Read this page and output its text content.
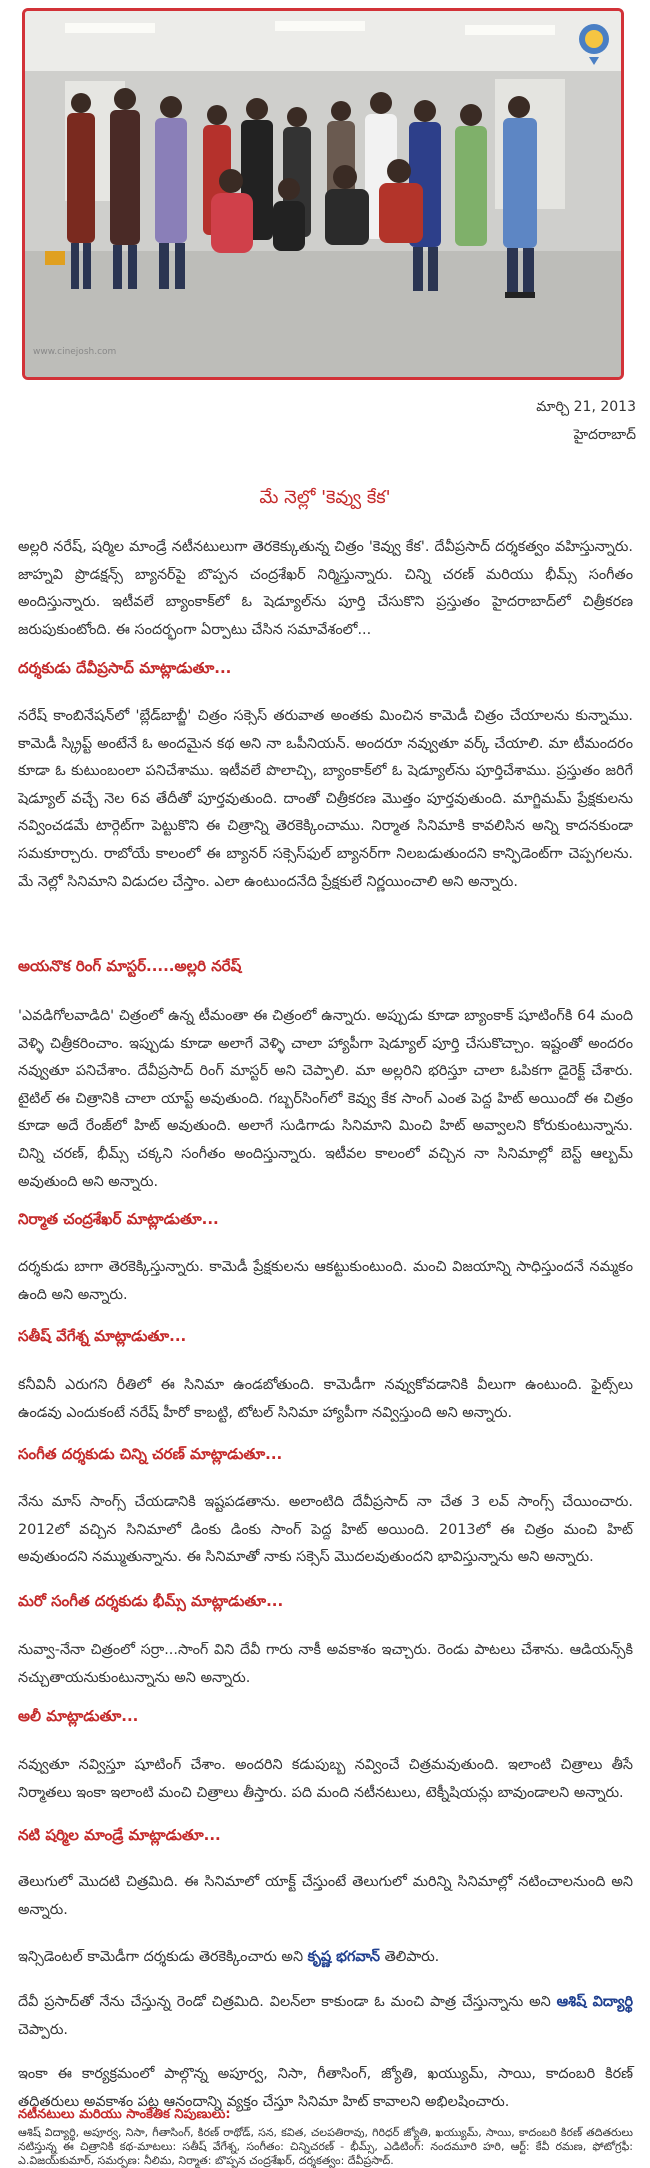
www.cinejosh.com
మార్చి 21, 2013
హైదరాబాద్
మే నెల్లో 'కెవ్వు కేక'

అల్లరి నరేష్, షర్మిల మాండ్రే నటీనటులుగా తెరకెక్కుతున్న చిత్రం 'కెవ్వు కేక'. దేవీప్రసాద్ దర్శకత్వం వహిస్తున్నారు. జాహ్నవి ప్రొడక్షన్స్ బ్యానర్‌పై బొప్పన చంద్రశేఖర్ నిర్మిస్తున్నారు. చిన్ని చరణ్ మరియు భీమ్స్ సంగీతం అందిస్తున్నారు. ఇటీవలే బ్యాంకాక్‌లో ఓ షెడ్యూల్‌ను పూర్తి చేసుకొని ప్రస్తుతం హైదరాబాద్‌లో చిత్రీకరణ జరుపుకుంటోంది. ఈ సందర్భంగా ఏర్పాటు చేసిన సమావేశంలో...

దర్శకుడు దేవీప్రసాద్ మాట్లాడుతూ...

నరేష్ కాంబినేషన్‌లో 'బ్లేడ్‌బాబ్జీ' చిత్రం సక్సెస్ తరువాత అంతకు మించిన కామెడీ చిత్రం చేయాలను కున్నాము. కామెడీ స్క్రిప్ట్ అంటేనే ఓ అందమైన కథ అని నా ఒపీనియన్. అందరూ నవ్వుతూ వర్క్ చేయాలి. మా టీమందరం కూడా ఓ కుటుంబంలా పనిచేశాము. ఇటీవలే పొలాచ్చి, బ్యాంకాక్‌లో ఓ షెడ్యూల్‌ను పూర్తిచేశాము. ప్రస్తుతం జరిగే షెడ్యూల్ వచ్చే నెల 6వ తేదీతో పూర్తవుతుంది. దాంతో చిత్రీకరణ మొత్తం పూర్తవుతుంది. మాగ్జిమమ్ ప్రేక్షకులను నవ్వించడమే టార్గెట్‌గా పెట్టుకొని ఈ చిత్రాన్ని తెరకెక్కించాము. నిర్మాత సినిమాకి కావలిసిన అన్ని కాదనకుండా సమకూర్చారు. రాబోయే కాలంలో ఈ బ్యానర్ సక్సెస్‌ఫుల్ బ్యానర్‌గా నిలబడుతుందని కాన్ఫిడెంట్‌గా చెప్పగలను. మే నెల్లో సినిమాని విడుదల చేస్తాం. ఎలా ఉంటుందనేది ప్రేక్షకులే నిర్ణయించాలి అని అన్నారు.

అయనొక రింగ్ మాస్టర్.....అల్లరి నరేష్

'ఎవడిగోలవాడిది' చిత్రంలో ఉన్న టీమంతా ఈ చిత్రంలో ఉన్నారు. అప్పుడు కూడా బ్యాంకాక్ షూటింగ్‌కి 64 మంది వెళ్ళి చిత్రీకరించాం. ఇప్పుడు కూడా అలాగే వెళ్ళి చాలా హ్యాపీగా షెడ్యూల్ పూర్తి చేసుకొచ్చాం. ఇష్టంతో అందరం నవ్వుతూ పనిచేశాం. దేవీప్రసాద్ రింగ్ మాస్టర్ అని చెప్పాలి. మా అల్లరిని భరిస్తూ చాలా ఓపికగా డైరెక్ట్ చేశారు. టైటిల్ ఈ చిత్రానికి చాలా యాప్ట్ అవుతుంది. గబ్బర్‌సింగ్‌లో కెవ్వు కేక సాంగ్ ఎంత పెద్ద హిట్ అయిందో ఈ చిత్రం కూడా అదే రేంజ్‌లో హిట్ అవుతుంది. అలాగే సుడిగాడు సినిమాని మించి హిట్ అవ్వాలని కోరుకుంటున్నాను. చిన్ని చరణ్, భీమ్స్ చక్కని సంగీతం అందిస్తున్నారు. ఇటీవల కాలంలో వచ్చిన నా సినిమాల్లో బెస్ట్ ఆల్బమ్ అవుతుంది అని అన్నారు.

నిర్మాత చంద్రశేఖర్ మాట్లాడుతూ...

దర్శకుడు బాగా తెరకెక్కిస్తున్నారు. కామెడీ ప్రేక్షకులను ఆకట్టుకుంటుంది. మంచి విజయాన్ని సాధిస్తుందనే నమ్మకం ఉంది అని అన్నారు.

సతీష్ వేగేశ్న మాట్లాడుతూ...

కనీవినీ ఎరుగని రీతిలో ఈ సినిమా ఉండబోతుంది. కామెడీగా నవ్వుకోవడానికి వీలుగా ఉంటుంది. ఫైట్స్‌లు ఉండవు ఎందుకంటే నరేష్ హీరో కాబట్టి, టోటల్ సినిమా హ్యాపీగా నవ్విస్తుంది అని అన్నారు.

సంగీత దర్శకుడు చిన్ని చరణ్ మాట్లాడుతూ...

నేను మాస్ సాంగ్స్ చేయడానికి ఇష్టపడతాను. అలాంటిది దేవీప్రసాద్ నా చేత 3 లవ్ సాంగ్స్ చేయించారు. 2012లో వచ్చిన సినిమాలో డింకు డింకు సాంగ్ పెద్ద హిట్ అయింది. 2013లో ఈ చిత్రం మంచి హిట్ అవుతుందని నమ్ముతున్నాను. ఈ సినిమాతో నాకు సక్సెస్ మొదలవుతుందని భావిస్తున్నాను అని అన్నారు.

మరో సంగీత దర్శకుడు భీమ్స్ మాట్లాడుతూ...

నువ్వా-నేనా చిత్రంలో సర్రా...సాంగ్ విని దేవీ గారు నాకీ అవకాశం ఇచ్చారు. రెండు పాటలు చేశాను. ఆడియన్స్‌కి నచ్చుతాయనుకుంటున్నాను అని అన్నారు.

అలీ మాట్లాడుతూ...

నవ్వుతూ నవ్విస్తూ షూటింగ్ చేశాం. అందరిని కడుపుబ్బ నవ్వించే చిత్రమవుతుంది. ఇలాంటి చిత్రాలు తీసే నిర్మాతలు ఇంకా ఇలాంటి మంచి చిత్రాలు తీస్తారు. పది మంది నటీనటులు, టెక్నీషియన్లు బావుండాలని అన్నారు.

నటి షర్మిల మాండ్రే మాట్లాడుతూ...

తెలుగులో మొదటి చిత్రమిది. ఈ సినిమాలో యాక్ట్ చేస్తుంటే తెలుగులో మరిన్ని సినిమాల్లో నటించాలనుంది అని అన్నారు.

ఇన్సిడెంటల్ కామెడీగా దర్శకుడు తెరకెక్కించారు అని కృష్ణ భగవాన్ తెలిపారు.

దేవీ ప్రసాద్‌తో నేను చేస్తున్న రెండో చిత్రమిది. విలన్‌లా కాకుండా ఓ మంచి పాత్ర చేస్తున్నాను అని ఆశిష్ విద్యార్థి చెప్పారు.

ఇంకా ఈ కార్యక్రమంలో పాల్గొన్న అపూర్వ, నిసా, గీతాసింగ్, జ్యోతి, ఖయ్యుమ్, సాయి, కాదంబరి కిరణ్ తదితరులు అవకాశం పట్ల ఆనందాన్ని వ్యక్తం చేస్తూ సినిమా హిట్ కావాలని అభిలషించారు.

నటీనటులు మరియు సాంకేతిక నిపుణులు:

ఆశిష్ విద్యార్థి, అపూర్వ, నిసా, గీతాసింగ్, కిరణ్ రాథోడ్, సన, కవిత, చలపతిరావు, గిరిధర్ జ్యోతి, ఖయ్యుమ్, సాయి, కాదంబరి కిరణ్ తదితరులు నటిస్తున్న ఈ చిత్రానికి కథ-మాటలు: సతీష్ వేగేశ్న, సంగీతం: చిన్నిచరణ్ - భీమ్స్, ఎడిటింగ్: నందమూరి హరి, ఆర్ట్: కేవీ రమణ, ఫోటోగ్రఫీ: ఎ.విజయ్‌కుమార్, సమర్పణ: నీలిమ, నిర్మాత: బొప్పన చంద్రశేఖర్, దర్శకత్వం: దేవీప్రసాద్.
